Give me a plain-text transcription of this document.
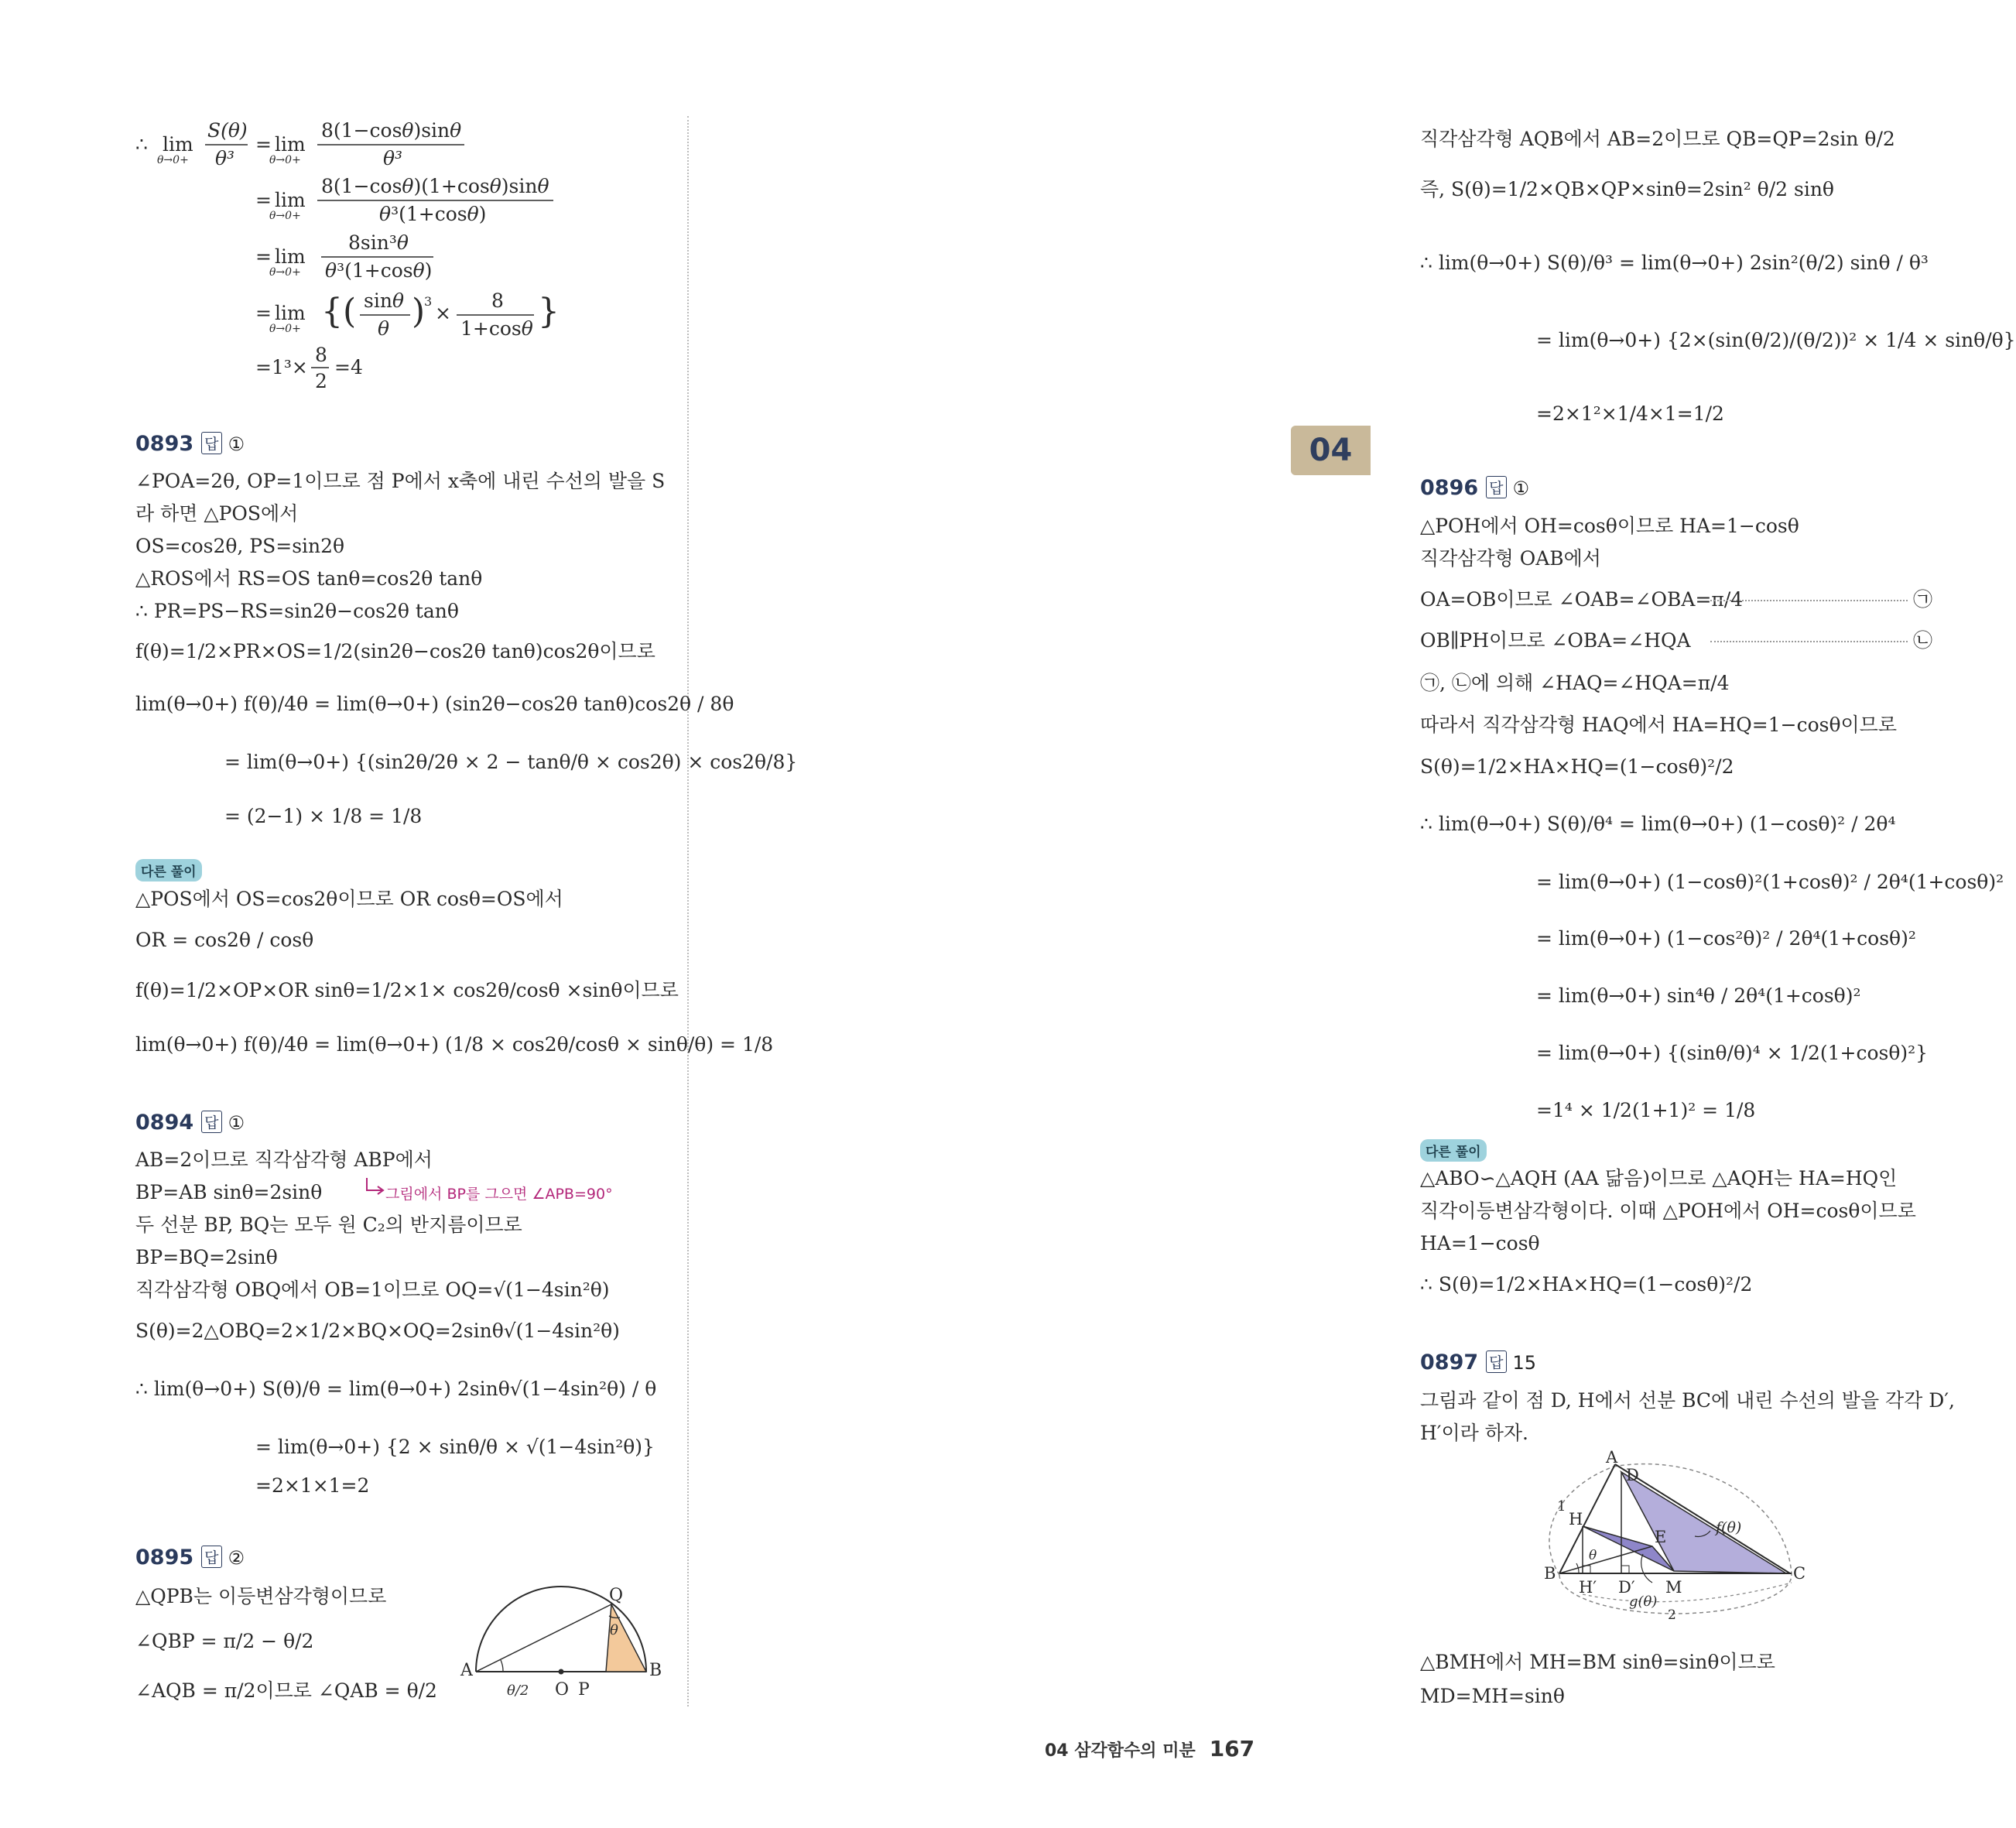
04
∴ lim
θ→0+
S(θ)
θ³
= lim
θ→0+
8(1−cosθ)sinθ
θ³
= lim
θ→0+
8(1−cosθ)(1+cosθ)sinθ
θ³(1+cosθ)
= lim
θ→0+
8sin³θ
θ³(1+cosθ)
= lim
θ→0+ {( sinθ
θ )
3
×
8
1+cosθ }
=1³×
8
2
=4
0893 답 ①
∠POA=2θ, OP=1이므로 점 P에서 x축에 내린 수선의 발을 S
라 하면 △POS에서
OS=cos2θ, PS=sin2θ
△ROS에서 RS=OS tanθ=cos2θ tanθ
∴ PR=PS−RS=sin2θ−cos2θ tanθ
f(θ)=1/2×PR×OS=1/2(sin2θ−cos2θ tanθ)cos2θ이므로
lim(θ→0+) f(θ)/4θ = lim(θ→0+) (sin2θ−cos2θ tanθ)cos2θ / 8θ
= lim(θ→0+) {(sin2θ/2θ × 2 − tanθ/θ × cos2θ) × cos2θ/8}
= (2−1) × 1/8 = 1/8
다른 풀이
△POS에서 OS=cos2θ이므로 OR cosθ=OS에서
OR = cos2θ / cosθ
f(θ)=1/2×OP×OR sinθ=1/2×1× cos2θ/cosθ ×sinθ이므로
lim(θ→0+) f(θ)/4θ = lim(θ→0+) (1/8 × cos2θ/cosθ × sinθ/θ) = 1/8
0894 답 ①
AB=2이므로 직각삼각형 ABP에서
BP=AB sinθ=2sinθ	그림에서 BP를 그으면 ∠APB=90°
두 선분 BP, BQ는 모두 원 C₂의 반지름이므로
BP=BQ=2sinθ
직각삼각형 OBQ에서 OB=1이므로 OQ=√(1−4sin²θ)
S(θ)=2△OBQ=2×1/2×BQ×OQ=2sinθ√(1−4sin²θ)
∴ lim(θ→0+) S(θ)/θ = lim(θ→0+) 2sinθ√(1−4sin²θ) / θ
= lim(θ→0+) {2 × sinθ/θ × √(1−4sin²θ)}
=2×1×1=2
0895 답 ②
△QPB는 이등변삼각형이므로
∠QBP = π/2 − θ/2
∠AQB = π/2이므로 ∠QAB = θ/2
A
O P
B
Q
θ
θ/2
직각삼각형 AQB에서 AB=2이므로 QB=QP=2sin θ/2
즉, S(θ)=1/2×QB×QP×sinθ=2sin² θ/2 sinθ
∴ lim(θ→0+) S(θ)/θ³ = lim(θ→0+) 2sin²(θ/2) sinθ / θ³
= lim(θ→0+) {2×(sin(θ/2)/(θ/2))² × 1/4 × sinθ/θ}
=2×1²×1/4×1=1/2
0896 답 ①
△POH에서 OH=cosθ이므로 HA=1−cosθ
직각삼각형 OAB에서
OA=OB이므로 ∠OAB=∠OBA=π/4	㉠
OB∥PH이므로 ∠OBA=∠HQA	㉡
㉠, ㉡에 의해 ∠HAQ=∠HQA=π/4
따라서 직각삼각형 HAQ에서 HA=HQ=1−cosθ이므로
S(θ)=1/2×HA×HQ=(1−cosθ)²/2
∴ lim(θ→0+) S(θ)/θ⁴ = lim(θ→0+) (1−cosθ)² / 2θ⁴
= lim(θ→0+) (1−cosθ)²(1+cosθ)² / 2θ⁴(1+cosθ)²
= lim(θ→0+) (1−cos²θ)² / 2θ⁴(1+cosθ)²
= lim(θ→0+) sin⁴θ / 2θ⁴(1+cosθ)²
= lim(θ→0+) {(sinθ/θ)⁴ × 1/2(1+cosθ)²}
=1⁴ × 1/2(1+1)² = 1/8
다른 풀이
△ABO∽△AQH (AA 닮음)이므로 △AQH는 HA=HQ인
직각이등변삼각형이다. 이때 △POH에서 OH=cosθ이므로
HA=1−cosθ
∴ S(θ)=1/2×HA×HQ=(1−cosθ)²/2
0897 답 15
그림과 같이 점 D, H에서 선분 BC에 내린 수선의 발을 각각 D′,
H′이라 하자.
A
D
H
E	f(θ)
1
θ
B
H′ D′ M
C
g(θ)
2
△BMH에서 MH=BM sinθ=sinθ이므로
MD=MH=sinθ
04 삼각함수의 미분 167
